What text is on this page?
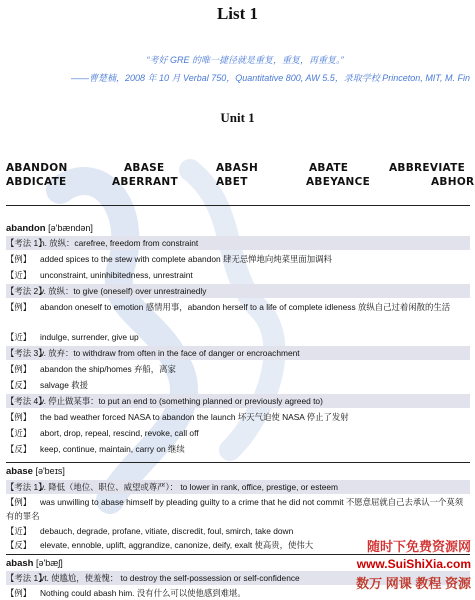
List 1
“考好 GRE 的唯一捷径就是重复，重复，再重复。”
——曹楚楠，2008 年 10 月 Verbal 750，Quantitative 800, AW 5.5，录取学校 Princeton, MIT, M. Fin
Unit 1
ABANDON	ABASE	ABASH	ABATE	ABBREVIATE
ABDICATE	ABERRANT	ABET	ABEYANCE	ABHOR
abandon [ə'bændən]
【考法 1】n. 放纵：carefree, freedom from constraint
【例】 added spices to the stew with complete abandon 肆无忌惮地向炖菜里面加调料
【近】 unconstraint, uninhibitedness, unrestraint
【考法 2】v. 放纵：to give (oneself) over unrestrainedly
【例】 abandon oneself to emotion 感情用事，abandon herself to a life of complete idleness 放纵自己过着闲散的生活
【近】 indulge, surrender, give up
【考法 3】v. 放弃：to withdraw from often in the face of danger or encroachment
【例】 abandon the ship/homes 弃船，离家
【反】 salvage 救援
【考法 4】v. 停止做某事：to put an end to (something planned or previously agreed to)
【例】 the bad weather forced NASA to abandon the launch 坏天气迫使 NASA 停止了发射
【近】 abort, drop, repeal, rescind, revoke, call off
【反】 keep, continue, maintain, carry on 继续
abase [ə'beɪs]
【考法 1】v. 降低（地位、职位、威望或尊严）： to lower in rank, office, prestige, or esteem
【例】 was unwilling to abase himself by pleading guilty to a crime that he did not commit 不愿意屈就自己去承认一个莫须有的罪名
【近】 debauch, degrade, profane, vitiate, discredit, foul, smirch, take down
【反】 elevate, ennoble, uplift, aggrandize, canonize, deify, exalt 使高贵，使伟大
abash [ə'bæʃ]
【考法 1】vt. 使尴尬，使羞愧： to destroy the self-possession or self-confidence
【例】 Nothing could abash him. 没有什么可以使他感到难堪。
随时下免费资源网
www.SuiShiXia.com
数万 网课 教程 资源
